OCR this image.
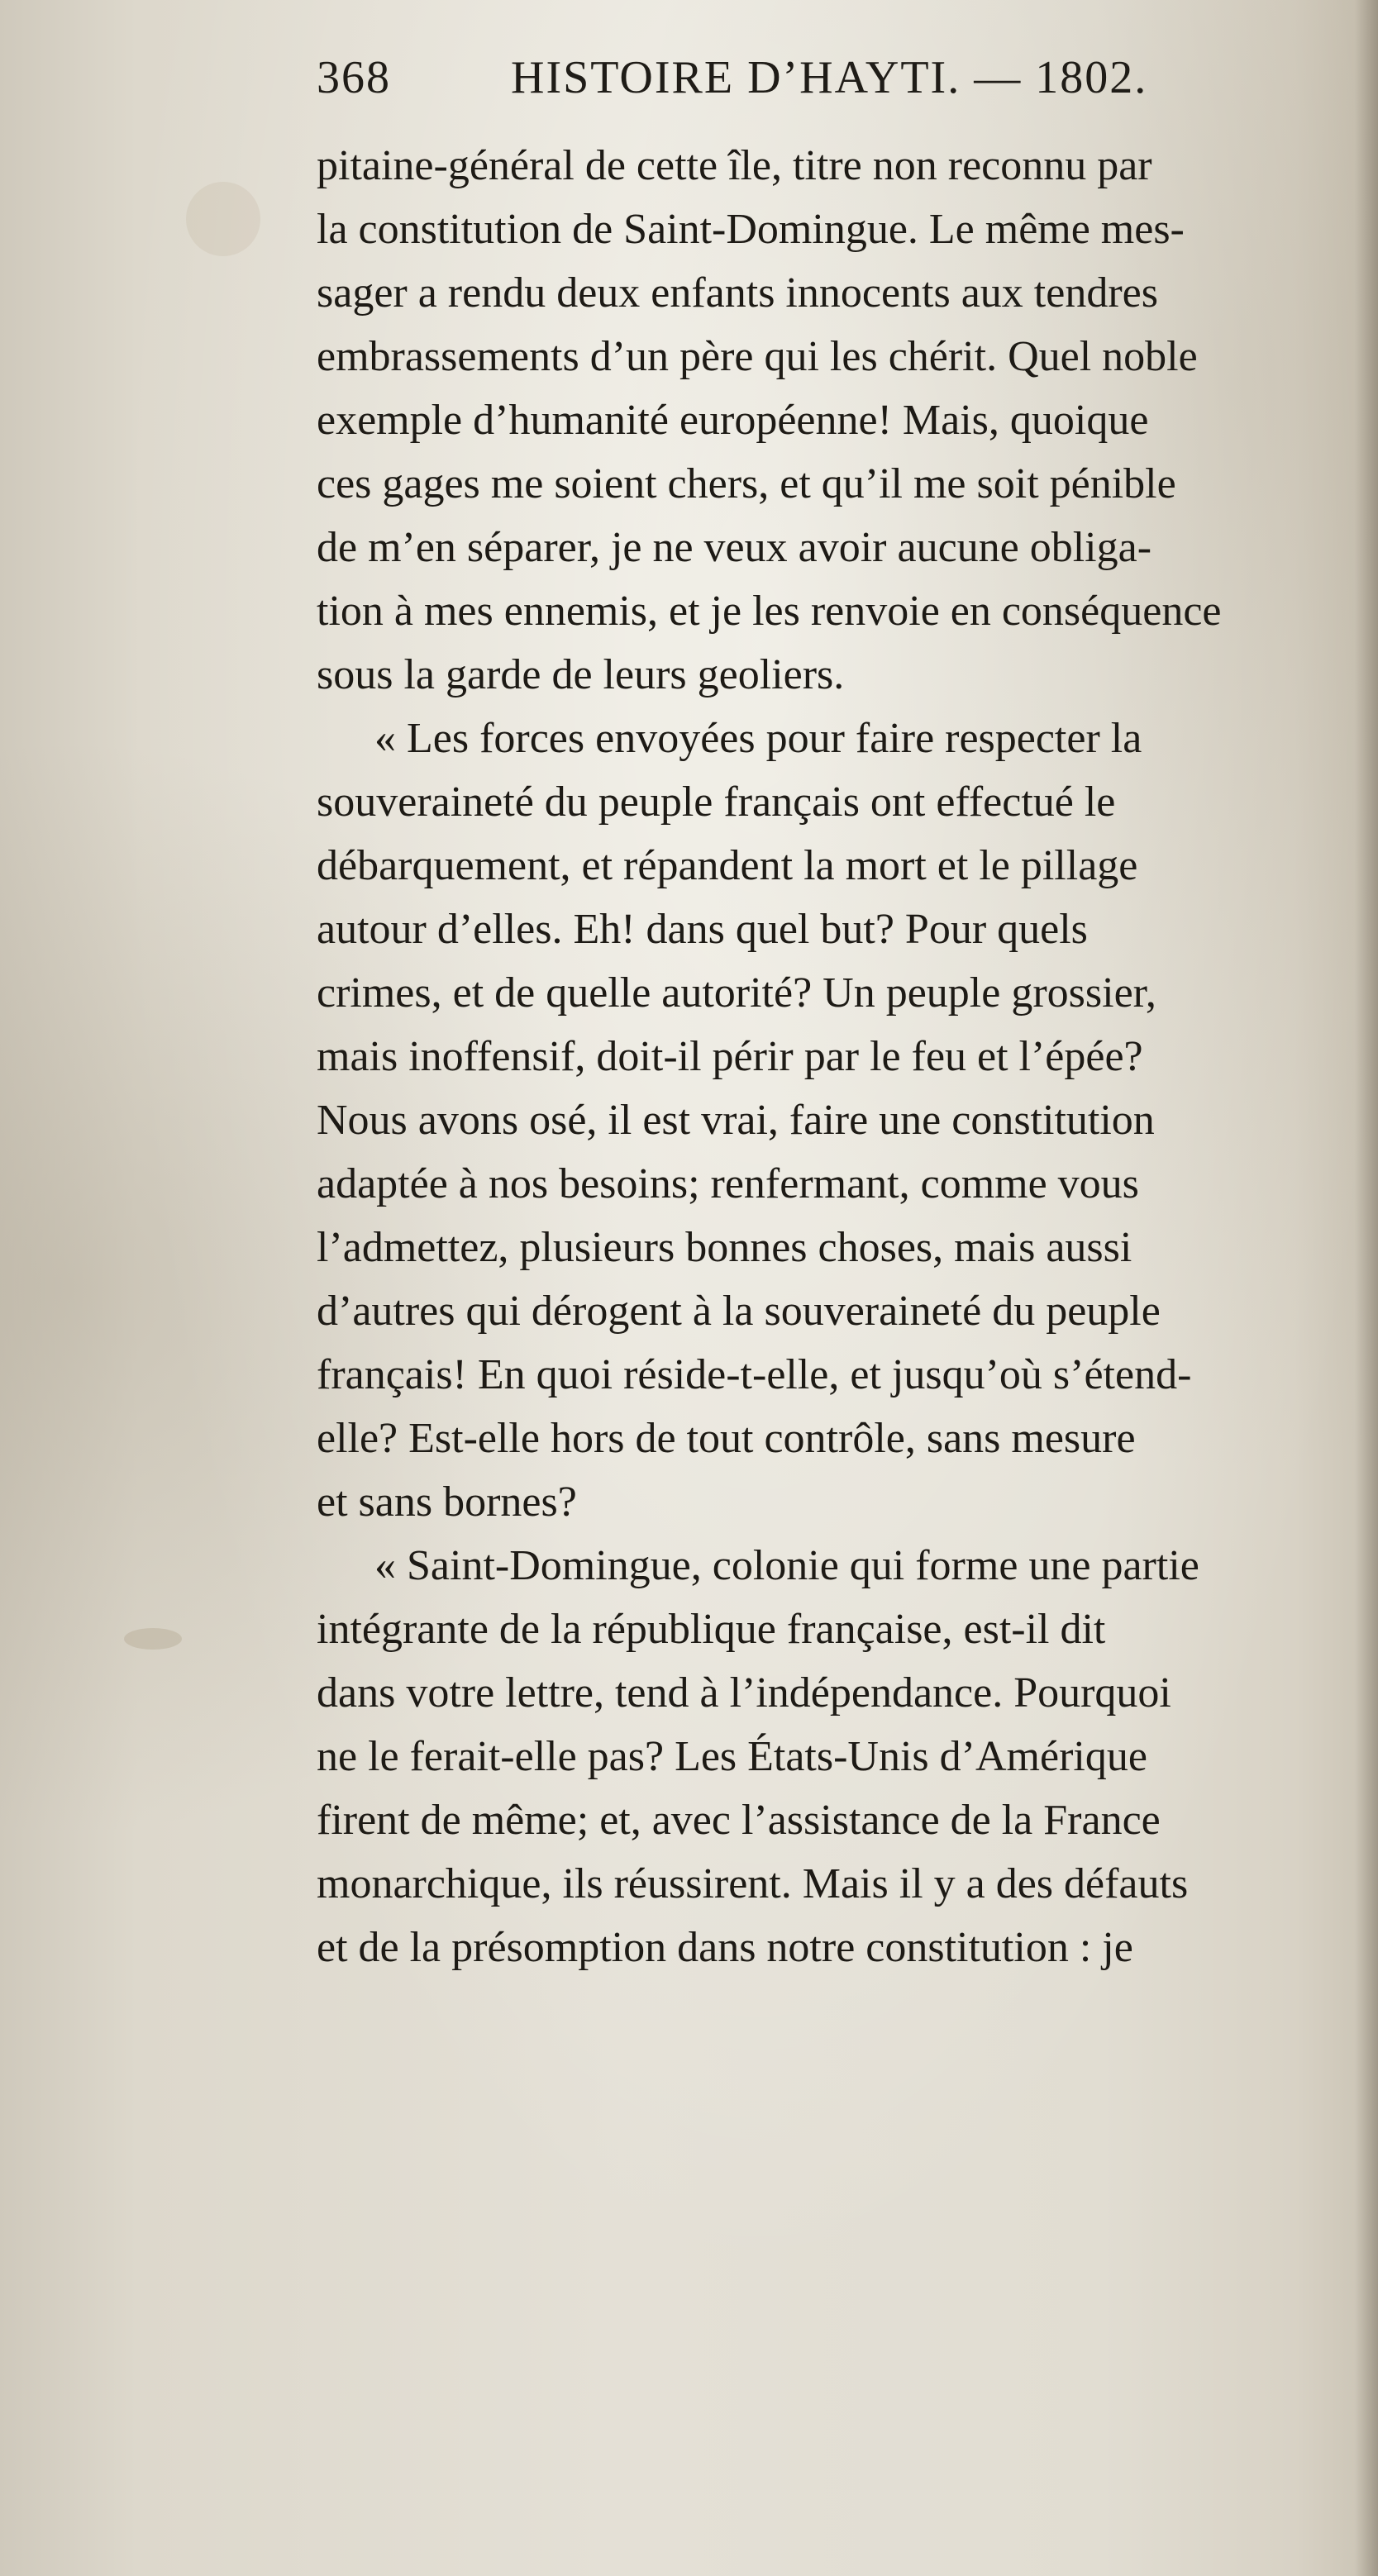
368	HISTOIRE D’HAYTI. — 1802.
pitaine-général de cette île, titre non reconnu par
la constitution de Saint-Domingue. Le même mes-
sager a rendu deux enfants innocents aux tendres
embrassements d’un père qui les chérit. Quel noble
exemple d’humanité européenne! Mais, quoique
ces gages me soient chers, et qu’il me soit pénible
de m’en séparer, je ne veux avoir aucune obliga-
tion à mes ennemis, et je les renvoie en conséquence
sous la garde de leurs geoliers.
« Les forces envoyées pour faire respecter la
souveraineté du peuple français ont effectué le
débarquement, et répandent la mort et le pillage
autour d’elles. Eh! dans quel but? Pour quels
crimes, et de quelle autorité? Un peuple grossier,
mais inoffensif, doit-il périr par le feu et l’épée?
Nous avons osé, il est vrai, faire une constitution
adaptée à nos besoins; renfermant, comme vous
l’admettez, plusieurs bonnes choses, mais aussi
d’autres qui dérogent à la souveraineté du peuple
français! En quoi réside-t-elle, et jusqu’où s’étend-
elle? Est-elle hors de tout contrôle, sans mesure
et sans bornes?
« Saint-Domingue, colonie qui forme une partie
intégrante de la république française, est-il dit
dans votre lettre, tend à l’indépendance. Pourquoi
ne le ferait-elle pas? Les États-Unis d’Amérique
firent de même; et, avec l’assistance de la France
monarchique, ils réussirent. Mais il y a des défauts
et de la présomption dans notre constitution : je
